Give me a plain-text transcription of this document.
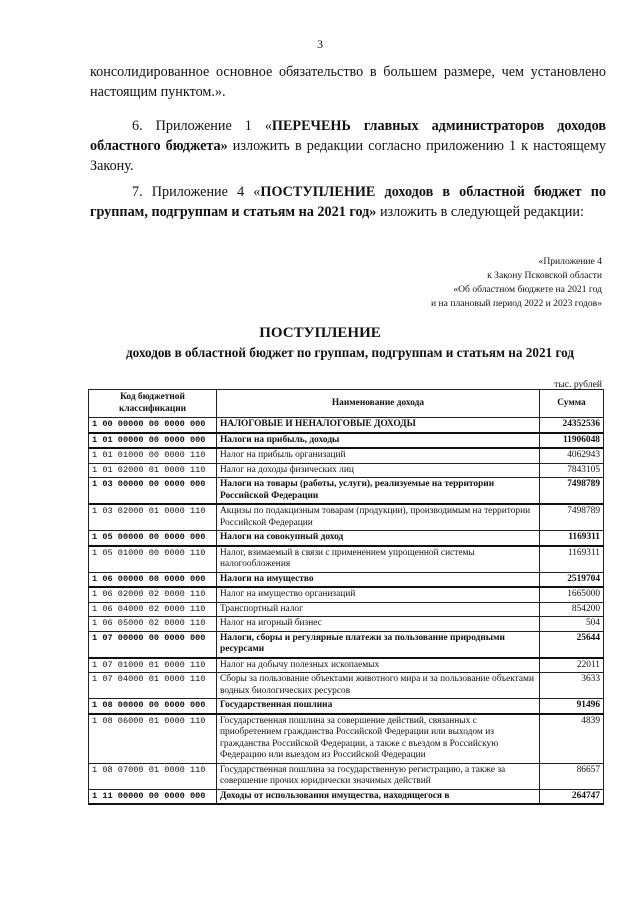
3
консолидированное основное обязательство в большем размере, чем установлено настоящим пунктом.».
6. Приложение 1 «ПЕРЕЧЕНЬ главных администраторов доходов областного бюджета» изложить в редакции согласно приложению 1 к настоящему Закону.
7. Приложение 4 «ПОСТУПЛЕНИЕ доходов в областной бюджет по группам, подгруппам и статьям на 2021 год» изложить в следующей редакции:
«Приложение 4
к Закону Псковской области
«Об областном бюджете на 2021 год
и на плановый период 2022 и 2023 годов»
ПОСТУПЛЕНИЕ
доходов в областной бюджет по группам, подгруппам и статьям на 2021 год
тыс. рублей
Код бюджетной классификации	Наименование дохода	Сумма
1 00 00000 00 0000 000	НАЛОГОВЫЕ И НЕНАЛОГОВЫЕ ДОХОДЫ	24352536
1 01 00000 00 0000 000	Налоги на прибыль, доходы	11906048
1 01 01000 00 0000 110	Налог на прибыль организаций	4062943
1 01 02000 01 0000 110	Налог на доходы физических лиц	7843105
1 03 00000 00 0000 000	Налоги на товары (работы, услуги), реализуемые на территории Российской Федерации	7498789
1 03 02000 01 0000 110	Акцизы по подакцизным товарам (продукции), производимым на территории Российской Федерации	7498789
1 05 00000 00 0000 000	Налоги на совокупный доход	1169311
1 05 01000 00 0000 110	Налог, взимаемый в связи с применением упрощенной системы налогообложения	1169311
1 06 00000 00 0000 000	Налоги на имущество	2519704
1 06 02000 02 0000 110	Налог на имущество организаций	1665000
1 06 04000 02 0000 110	Транспортный налог	854200
1 06 05000 02 0000 110	Налог на игорный бизнес	504
1 07 00000 00 0000 000	Налоги, сборы и регулярные платежи за пользование природными ресурсами	25644
1 07 01000 01 0000 110	Налог на добычу полезных ископаемых	22011
1 07 04000 01 0000 110	Сборы за пользование объектами животного мира и за пользование объектами водных биологических ресурсов	3633
1 08 00000 00 0000 000	Государственная пошлина	91496
1 08 06000 01 0000 110	Государственная пошлина за совершение действий, связанных с приобретением гражданства Российской Федерации или выходом из гражданства Российской Федерации, а также с въездом в Российскую Федерацию или выездом из Российской Федерации	4839
1 08 07000 01 0000 110	Государственная пошлина за государственную регистрацию, а также за совершение прочих юридически значимых действий	86657
1 11 00000 00 0000 000	Доходы от использования имущества, находящегося в	264747
